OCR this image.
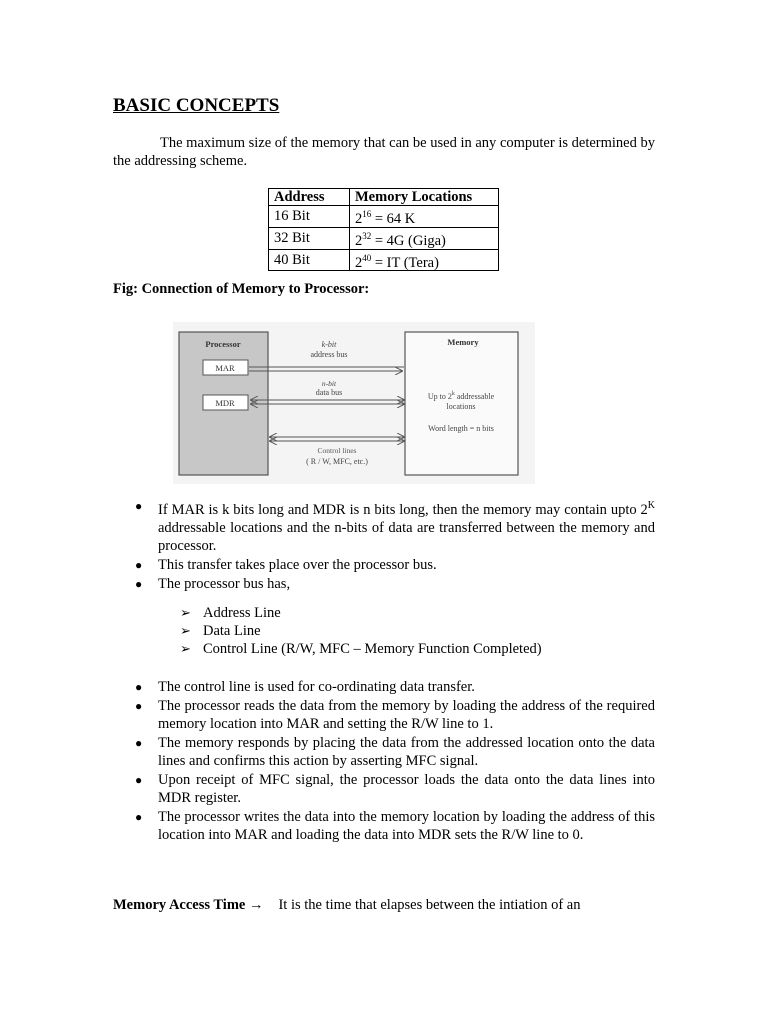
BASIC CONCEPTS

The maximum size of the memory that can be used in any computer is determined by the addressing scheme.

Address	Memory Locations
16 Bit	$2^{16} = 64$ K
32 Bit	$2^{32} = 4G$ (Giga)
40 Bit	$2^{40}$ = IT (Tera)

Fig: Connection of Memory to Processor:

Processor
MAR
MDR
Memory
Up to 2$^k$ addressable
locations
Word length = n bits
k-bit
address bus
n-bit
data bus
Control lines
( R / W, MFC, etc.)
● If MAR is k bits long and MDR is n bits long, then the memory may contain upto $2^K$ addressable locations and the n-bits of data are transferred between the memory and processor.
● This transfer takes place over the processor bus.
● The processor bus has,
➢ Address Line
➢ Data Line
➢ Control Line (R/W, MFC – Memory Function Completed)
● The control line is used for co-ordinating data transfer.
● The processor reads the data from the memory by loading the address of the required memory location into MAR and setting the R/W line to 1.
● The memory responds by placing the data from the addressed location onto the data lines and confirms this action by asserting MFC signal.
● Upon receipt of MFC signal, the processor loads the data onto the data lines into MDR register.
● The processor writes the data into the memory location by loading the address of this location into MAR and loading the data into MDR sets the R/W line to 0.

Memory Access Time → It is the time that elapses between the intiation of an
